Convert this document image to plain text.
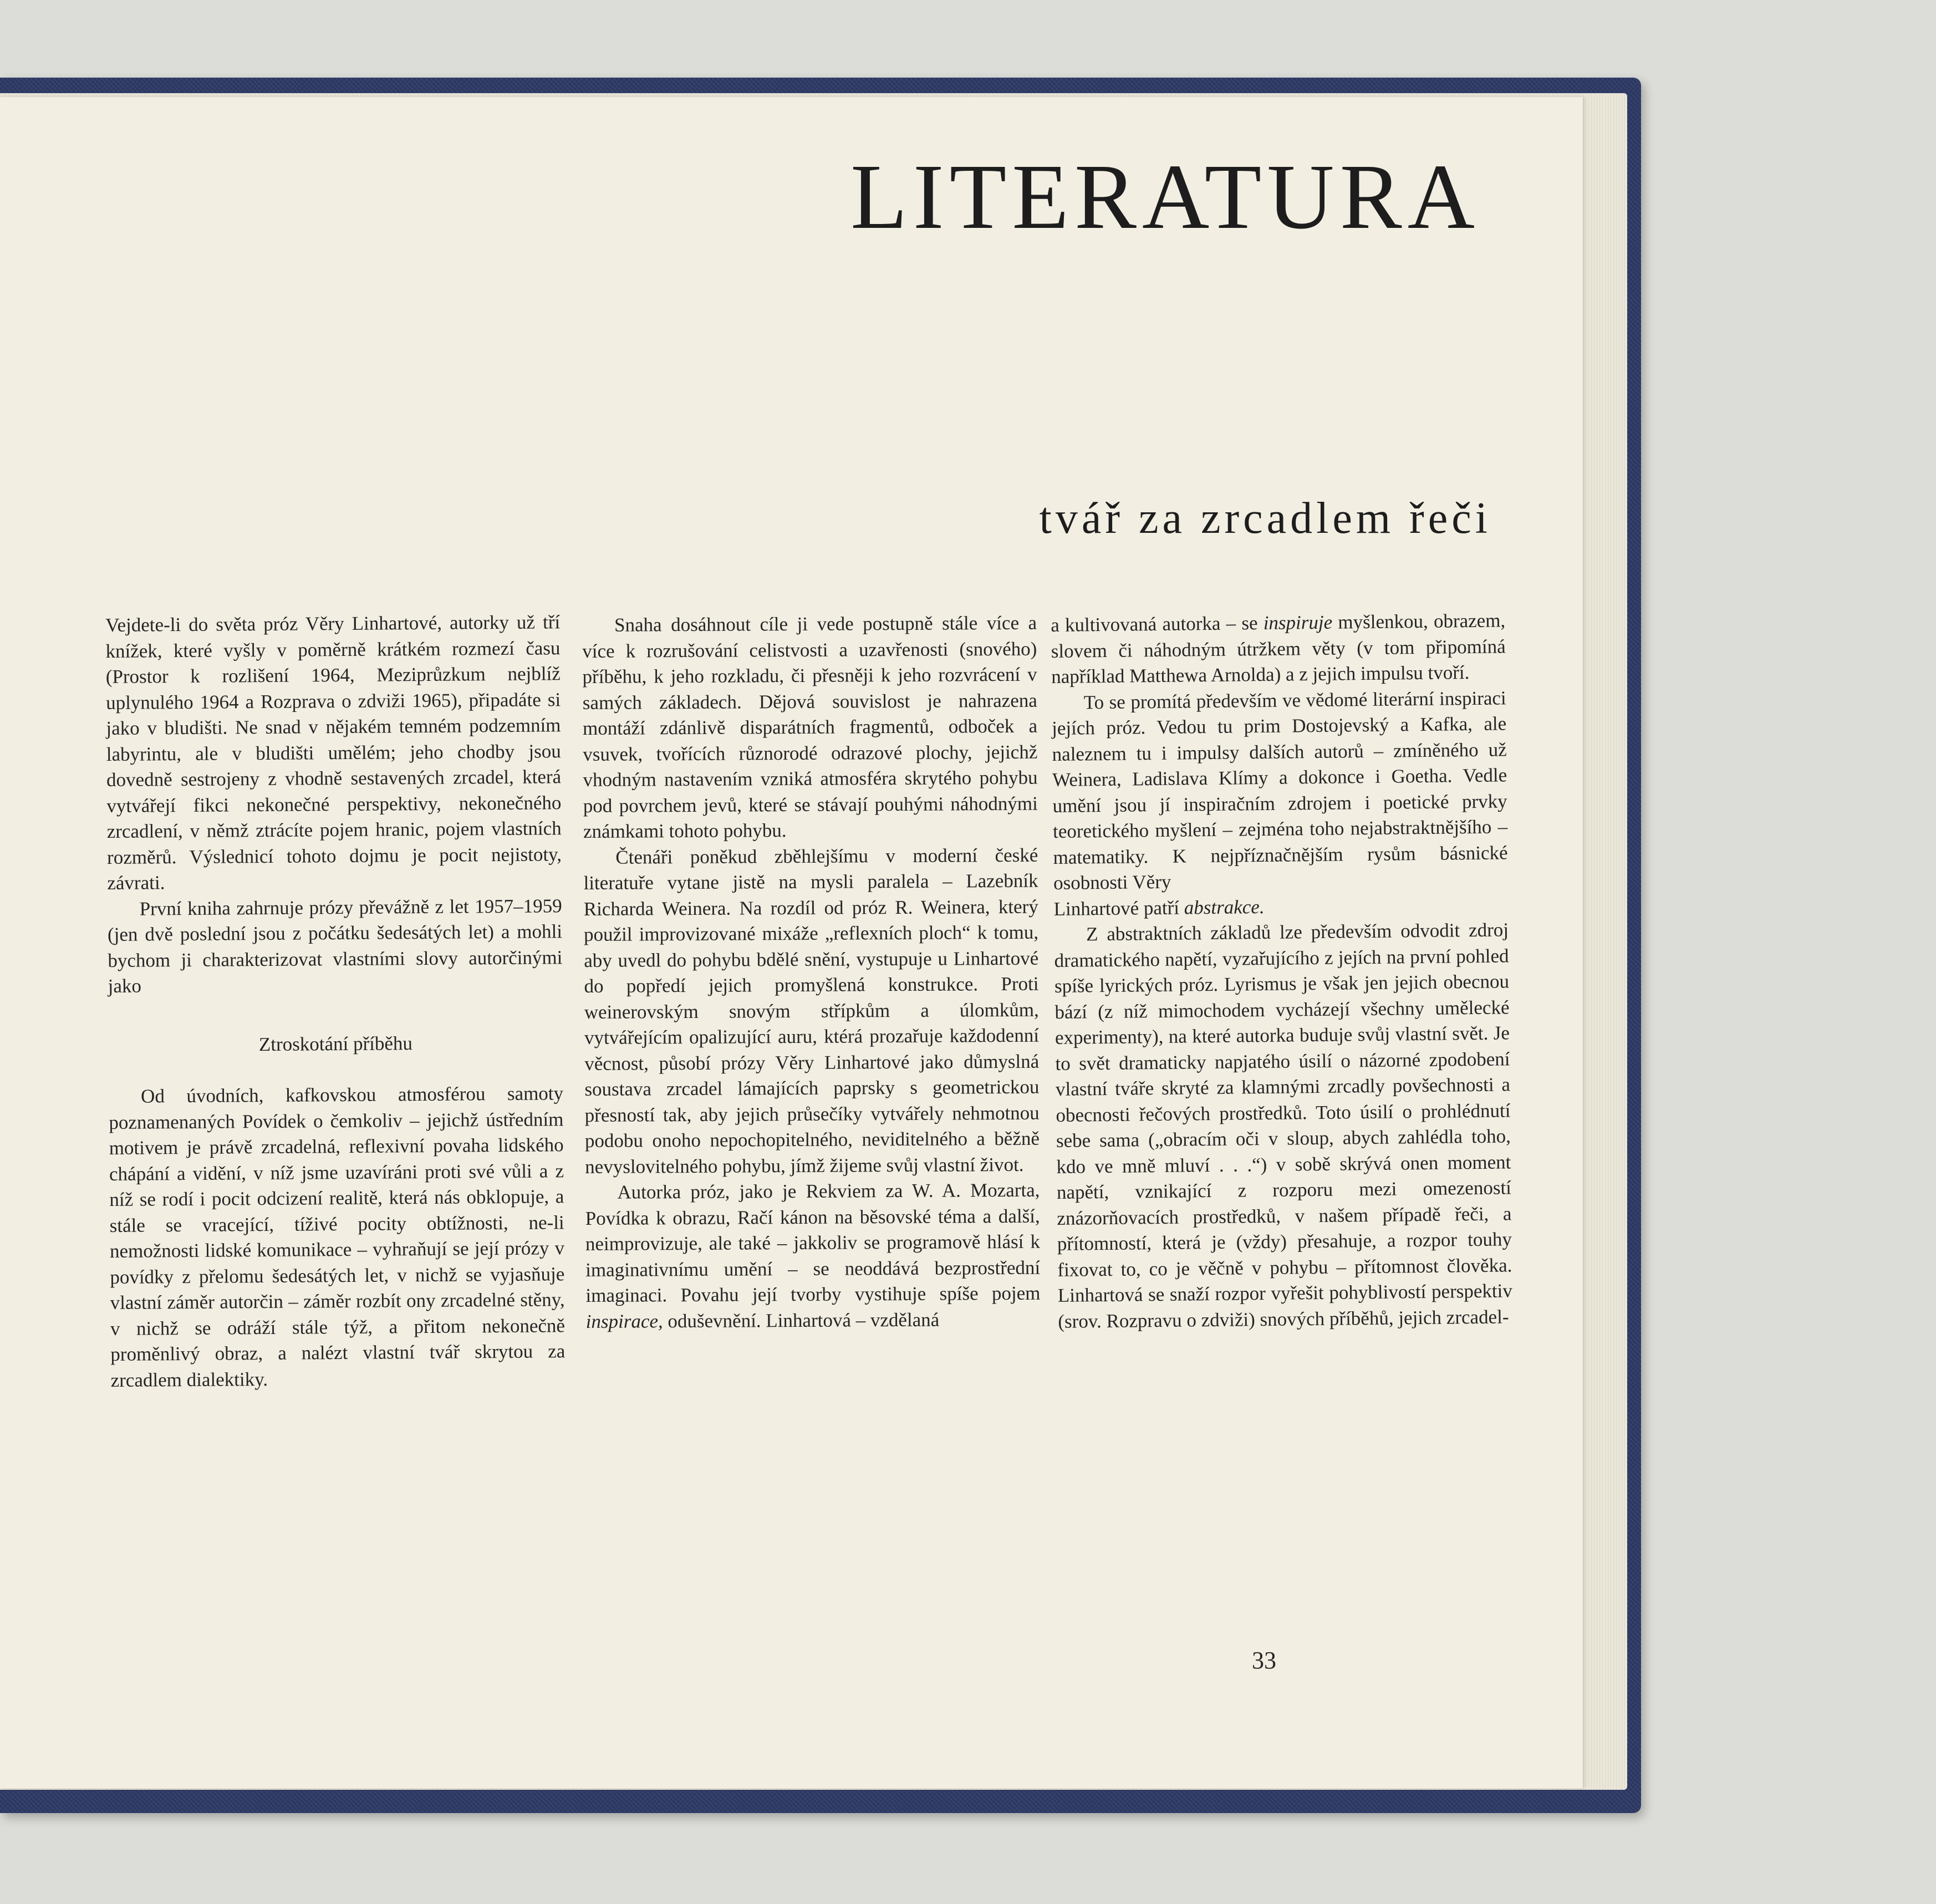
LITERATURA
tvář za zrcadlem řeči

Vejdete-li do světa próz Věry Linhartové, autorky už tří knížek, které vyšly v poměrně krátkém rozmezí času (Prostor k rozlišení 1964, Meziprůzkum nejblíž uplynulého 1964 a Rozprava o zdviži 1965), připadáte si jako v bludišti. Ne snad v nějakém temném podzemním labyrintu, ale v bludišti umělém; jeho chodby jsou dovedně sestrojeny z vhodně sestavených zrcadel, která vytvářejí fikci nekonečné perspektivy, nekonečného zrcadlení, v němž ztrácíte pojem hranic, pojem vlastních rozměrů. Výslednicí tohoto dojmu je pocit nejistoty, závrati.

První kniha zahrnuje prózy převážně z let 1957–1959 (jen dvě poslední jsou z počátku šedesátých let) a mohli bychom ji charakterizovat vlastními slovy autorčinými jako

Ztroskotání příběhu

Od úvodních, kafkovskou atmosférou samoty poznamenaných Povídek o čemkoliv – jejichž ústředním motivem je právě zrcadelná, reflexivní povaha lidského chápání a vidění, v níž jsme uzavíráni proti své vůli a z níž se rodí i pocit odcizení realitě, která nás obklopuje, a stále se vracející, tíživé pocity obtížnosti, ne-li nemožnosti lidské komunikace – vyhraňují se její prózy v povídky z přelomu šedesátých let, v nichž se vyjasňuje vlastní záměr autorčin – záměr rozbít ony zrcadelné stěny, v nichž se odráží stále týž, a přitom nekonečně proměnlivý obraz, a nalézt vlastní tvář skrytou za zrcadlem dialektiky.

Snaha dosáhnout cíle ji vede postupně stále více a více k rozrušování celistvosti a uzavřenosti (snového) příběhu, k jeho rozkladu, či přesněji k jeho rozvrácení v samých základech. Dějová souvislost je nahrazena montáží zdánlivě disparátních fragmentů, odboček a vsuvek, tvořících různorodé odrazové plochy, jejichž vhodným nastavením vzniká atmosféra skrytého pohybu pod povrchem jevů, které se stávají pouhými náhodnými známkami tohoto pohybu.

Čtenáři poněkud zběhlejšímu v moderní české literatuře vytane jistě na mysli paralela – Lazebník Richarda Weinera. Na rozdíl od próz R. Weinera, který použil improvizované mixáže „reflexních ploch“ k tomu, aby uvedl do pohybu bdělé snění, vystupuje u Linhartové do popředí jejich promyšlená konstrukce. Proti weinerovským snovým střípkům a úlomkům, vytvářejícím opalizující auru, ktérá prozařuje každodenní věcnost, působí prózy Věry Linhartové jako důmyslná soustava zrcadel lámajících paprsky s geometrickou přesností tak, aby jejich průsečíky vytvářely nehmotnou podobu onoho nepochopitelného, neviditelného a běžně nevyslovitelného pohybu, jímž žijeme svůj vlastní život.

Autorka próz, jako je Rekviem za W. A. Mozarta, Povídka k obrazu, Račí kánon na běsovské téma a další, neimprovizuje, ale také – jakkoliv se programově hlásí k imaginativnímu umění – se neoddává bezprostřední imaginaci. Povahu její tvorby vystihuje spíše pojem inspirace, oduševnění. Linhartová – vzdělaná

a kultivovaná autorka – se inspiruje myšlenkou, obrazem, slovem či náhodným útržkem věty (v tom připomíná například Matthewa Arnolda) a z jejich impulsu tvoří.

To se promítá především ve vědomé literární inspiraci jejích próz. Vedou tu prim Dostojevský a Kafka, ale naleznem tu i impulsy dalších autorů – zmíněného už Weinera, Ladislava Klímy a dokonce i Goetha. Vedle umění jsou jí inspiračním zdrojem i poetické prvky teoretického myšlení – zejména toho nejabstraktnějšího – matematiky. K nejpříznačnějším rysům básnické osobnosti Věry

Linhartové patří abstrakce.

Z abstraktních základů lze především odvodit zdroj dramatického napětí, vyzařujícího z jejích na první pohled spíše lyrických próz. Lyrismus je však jen jejich obecnou bází (z níž mimochodem vycházejí všechny umělecké experimenty), na které autorka buduje svůj vlastní svět. Je to svět dramaticky napjatého úsilí o názorné zpodobení vlastní tváře skryté za klamnými zrcadly povšechnosti a obecnosti řečových prostředků. Toto úsilí o prohlédnutí sebe sama („obracím oči v sloup, abych zahlédla toho, kdo ve mně mluví . . .“) v sobě skrývá onen moment napětí, vznikající z rozporu mezi omezeností znázorňovacích prostředků, v našem případě řeči, a přítomností, která je (vždy) přesahuje, a rozpor touhy fixovat to, co je věčně v pohybu – přítomnost člověka. Linhartová se snaží rozpor vyřešit pohyblivostí perspektiv (srov. Rozpravu o zdviži) snových příběhů, jejich zrcadel-

33
